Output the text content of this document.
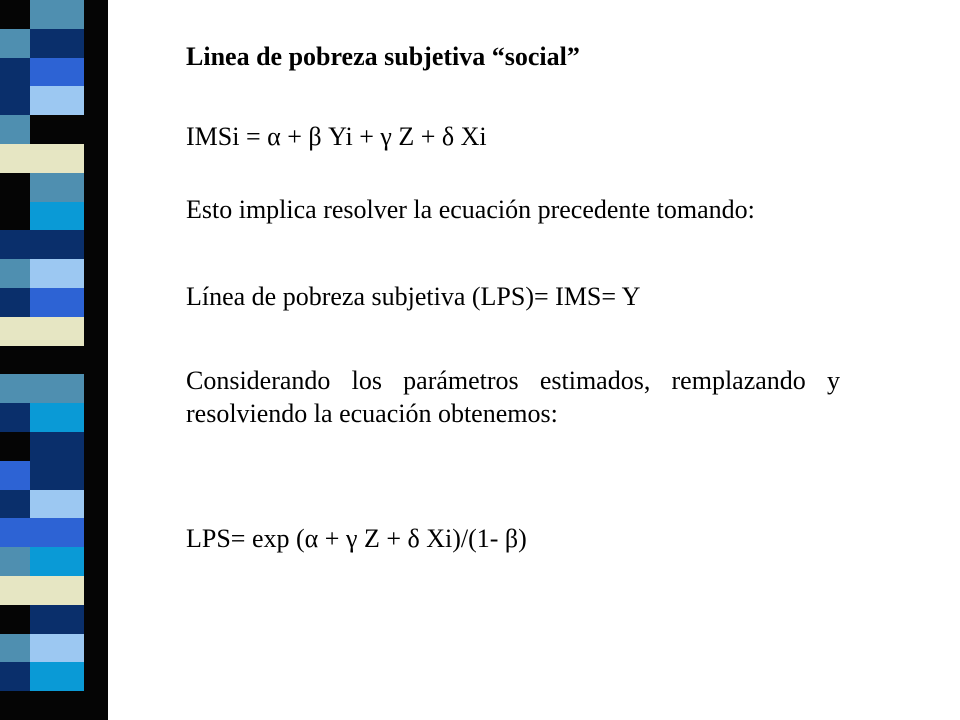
Linea de pobreza subjetiva “social”
IMSi = α + β Yi + γ Z + δ Xi
Esto implica resolver la ecuación precedente tomando:
Línea de pobreza subjetiva (LPS)= IMS= Y
Considerando los parámetros estimados, remplazando y resolviendo la ecuación obtenemos:
LPS= exp (α + γ Z + δ Xi)/(1- β)
